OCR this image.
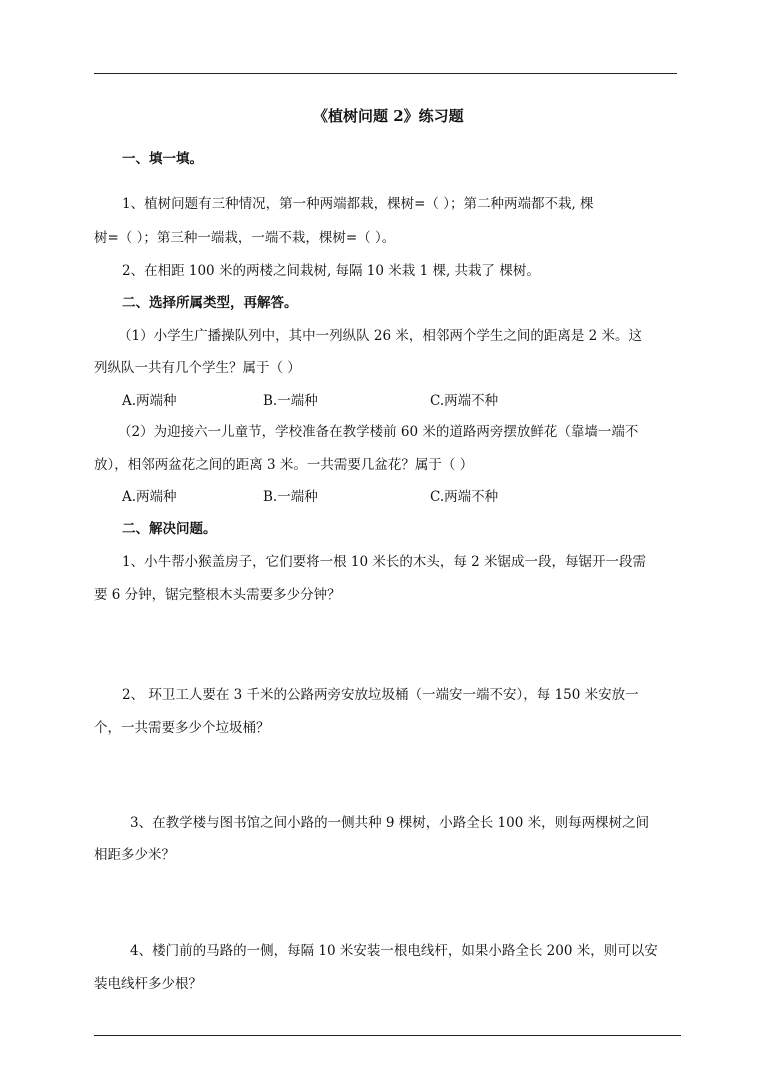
《植树问题 2》练习题
一、填一填。
1、植树问题有三种情况，第一种两端都栽，棵树=（ ）；第二种两端都不栽, 棵
树=（ ）；第三种一端栽，一端不栽，棵树=（ ）。
2、在相距 100 米的两楼之间栽树, 每隔 10 米栽 1 棵, 共栽了 棵树。
二、选择所属类型，再解答。
（1）小学生广播操队列中，其中一列纵队 26 米，相邻两个学生之间的距离是 2 米。这
列纵队一共有几个学生？属于（ ）
A.两端种	B.一端种	C.两端不种
（2）为迎接六一儿童节，学校准备在教学楼前 60 米的道路两旁摆放鲜花（靠墙一端不
放），相邻两盆花之间的距离 3 米。一共需要几盆花？属于（ ）
A.两端种	B.一端种	C.两端不种
二、解决问题。
1、小牛帮小猴盖房子，它们要将一根 10 米长的木头，每 2 米锯成一段，每锯开一段需
要 6 分钟，锯完整根木头需要多少分钟？
2、 环卫工人要在 3 千米的公路两旁安放垃圾桶（一端安一端不安），每 150 米安放一
个，一共需要多少个垃圾桶？
3、在教学楼与图书馆之间小路的一侧共种 9 棵树，小路全长 100 米，则每两棵树之间
相距多少米？
4、楼门前的马路的一侧，每隔 10 米安装一根电线杆，如果小路全长 200 米，则可以安
装电线杆多少根？
